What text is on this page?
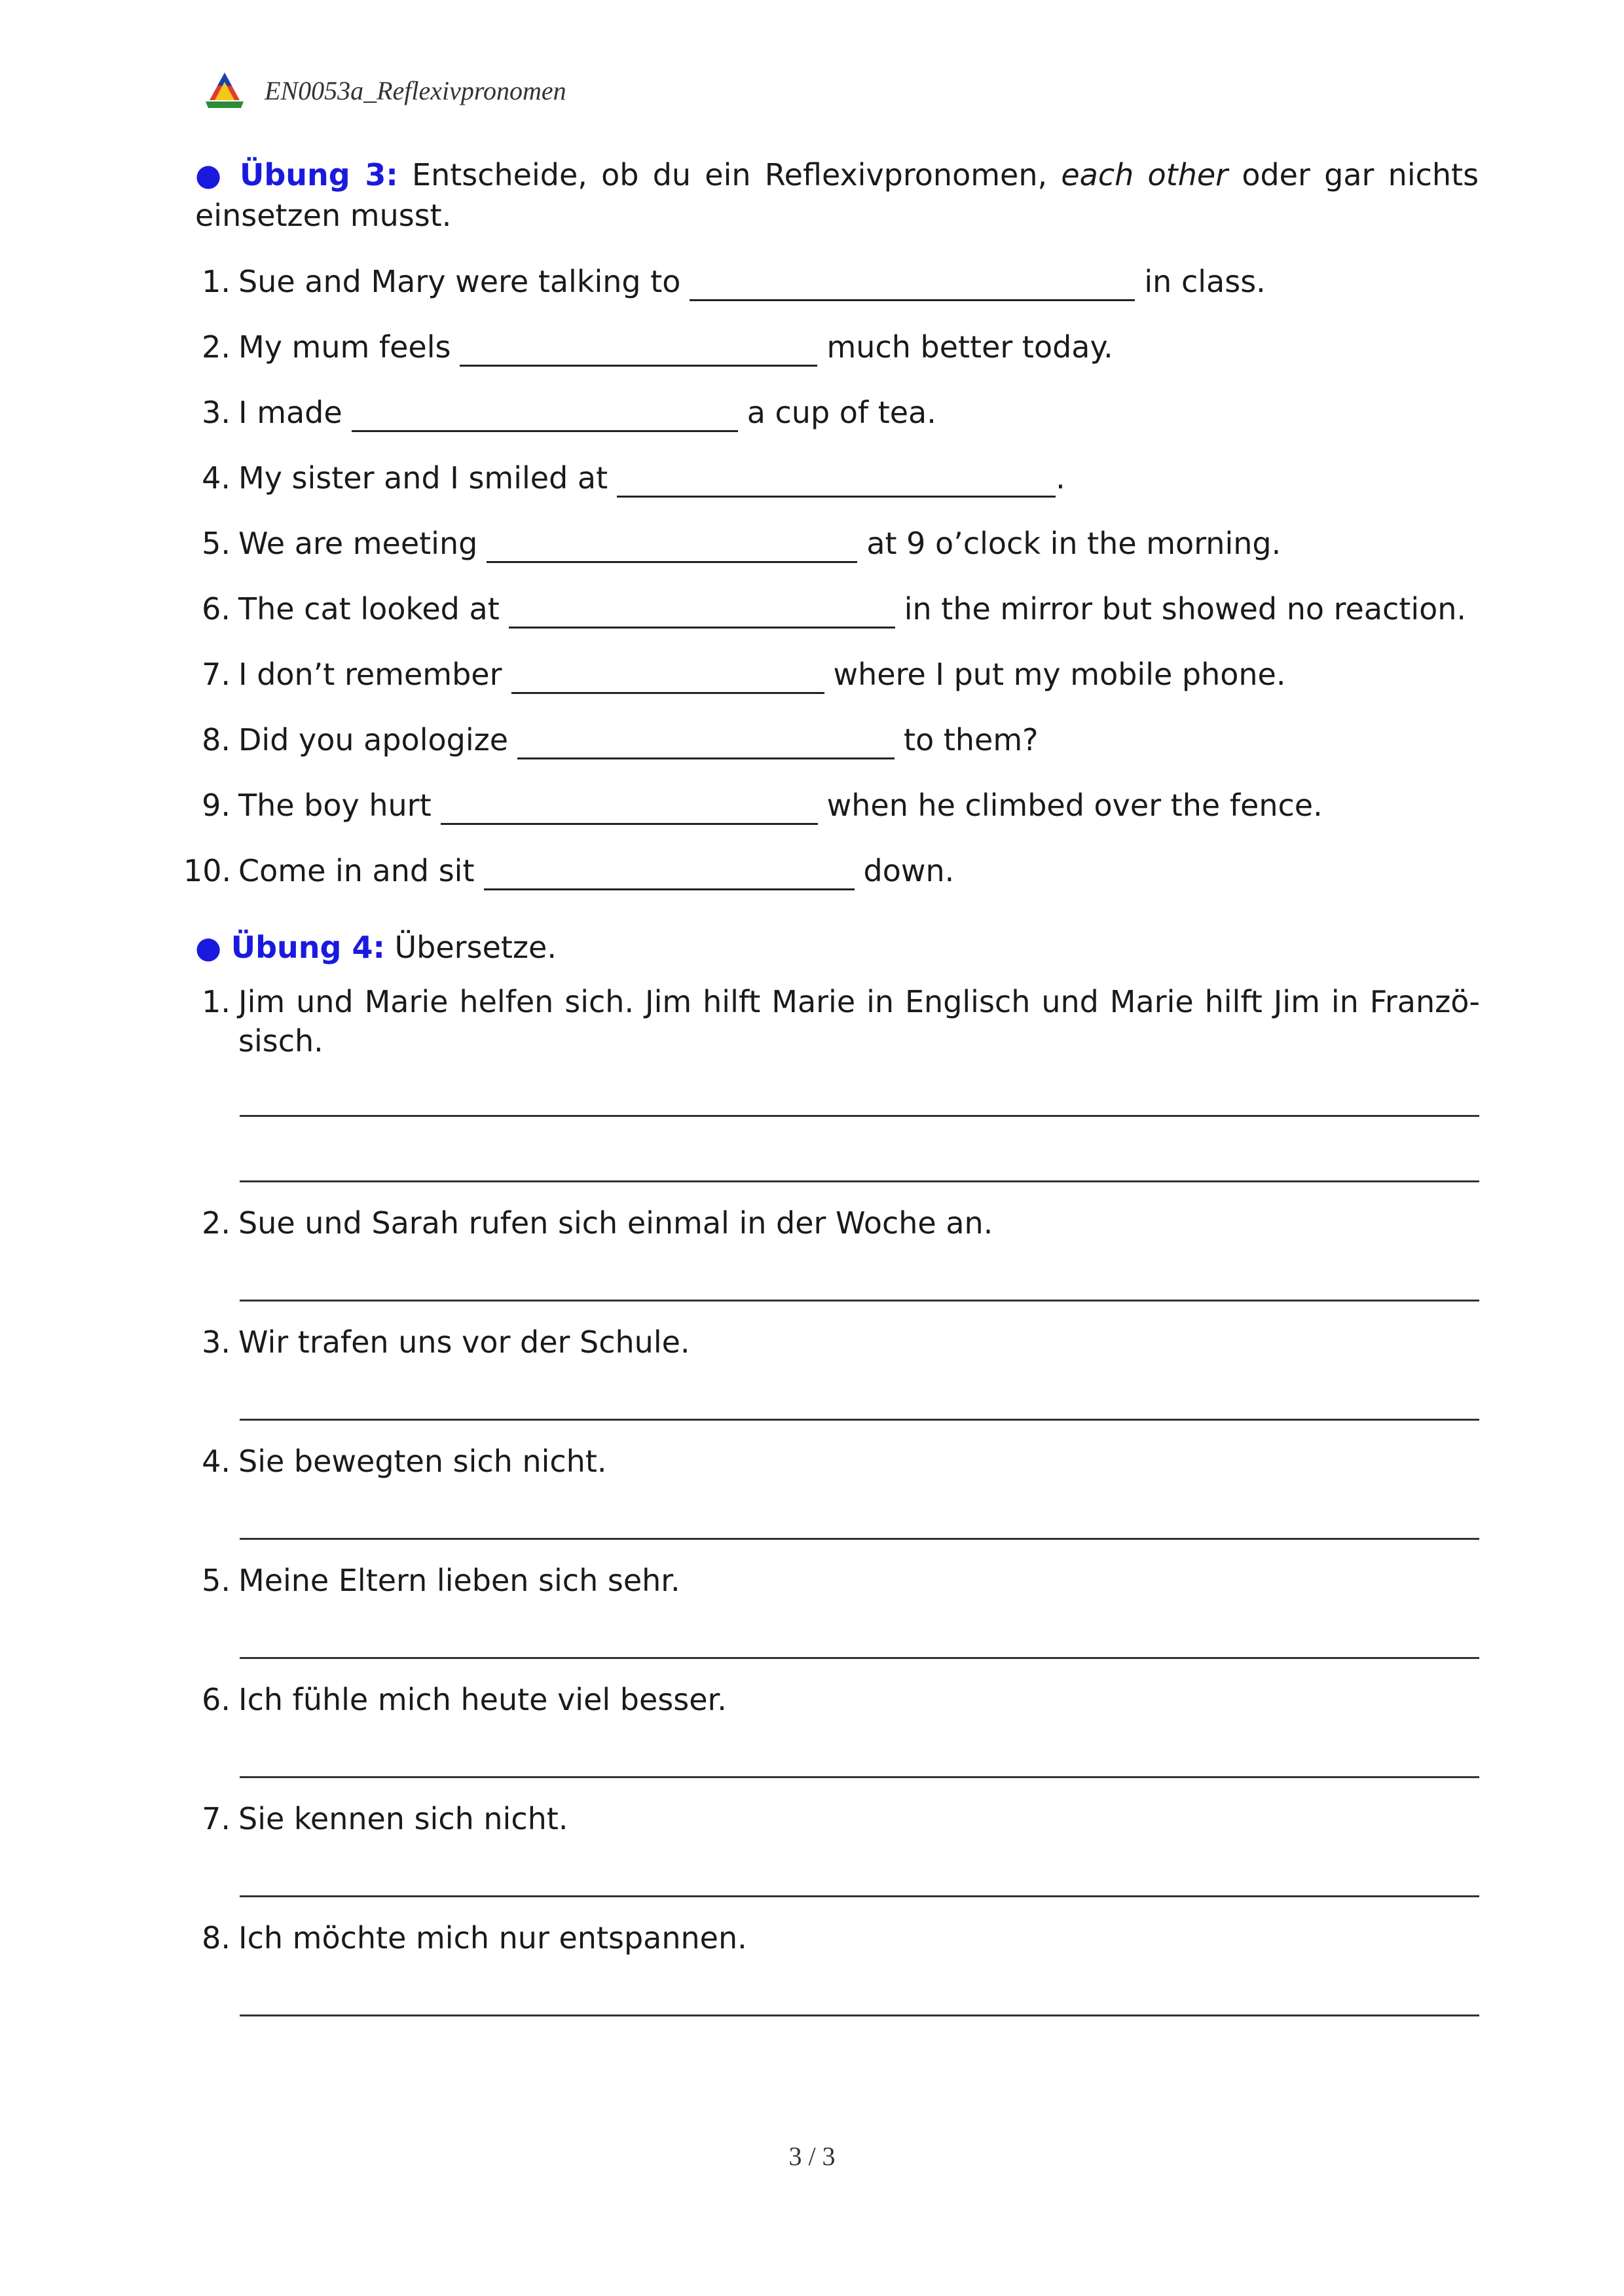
EN0053a_Reflexivpronomen
● Übung 3: Entscheide, ob du ein Reflexivpronomen, each other oder gar nichts einsetzen musst.
1. Sue and Mary were talking to	in class.
2. My mum feels	much better today.
3. I made	a cup of tea.
4. My sister and I smiled at	.
5. We are meeting	at 9 o’clock in the morning.
6. The cat looked at	in the mirror but showed no reaction.
7. I don’t remember	where I put my mobile phone.
8. Did you apologize	to them?
9. The boy hurt	when he climbed over the fence.
10. Come in and sit	down.
● Übung 4: Übersetze.
1. Jim und Marie helfen sich. Jim hilft Marie in Englisch und Marie hilft Jim in Französisch.
2. Sue und Sarah rufen sich einmal in der Woche an.
3. Wir trafen uns vor der Schule.
4. Sie bewegten sich nicht.
5. Meine Eltern lieben sich sehr.
6. Ich fühle mich heute viel besser.
7. Sie kennen sich nicht.
8. Ich möchte mich nur entspannen.
3 / 3
